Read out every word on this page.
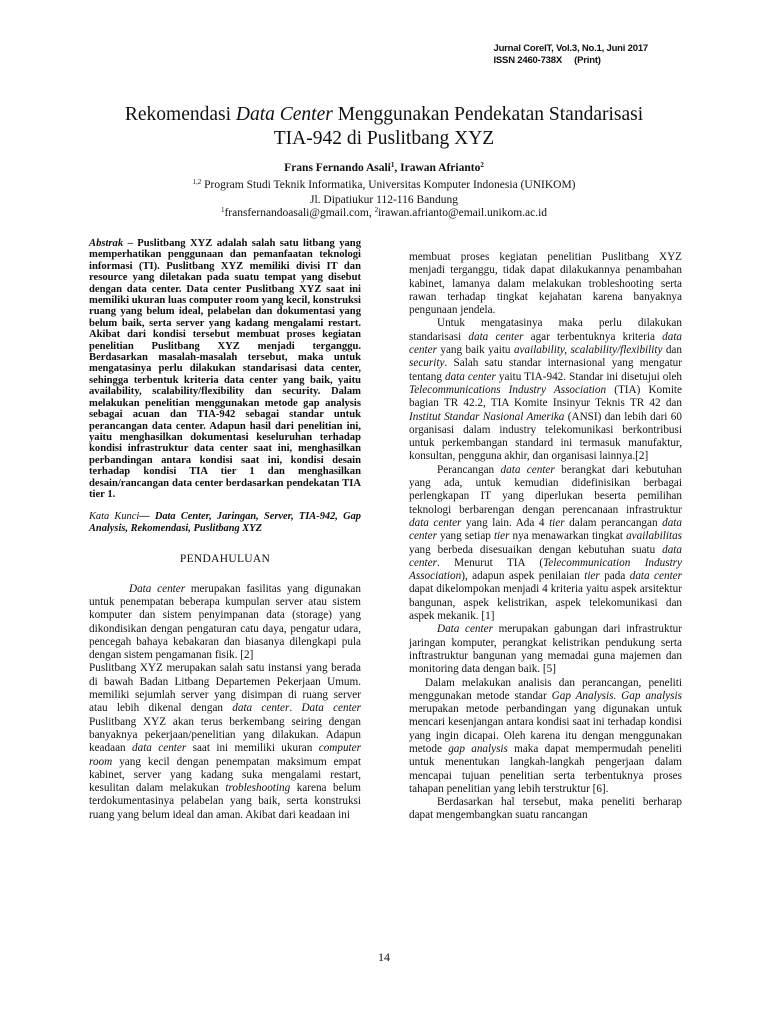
Jurnal CoreIT, Vol.3, No.1, Juni 2017
ISSN 2460-738X     (Print)
Rekomendasi Data Center Menggunakan Pendekatan Standarisasi
TIA-942 di Puslitbang XYZ
Frans Fernando Asali$^1$, Irawan Afrianto$^2$
$^{1,2}$ Program Studi Teknik Informatika, Universitas Komputer Indonesia (UNIKOM)
Jl. Dipatiukur 112-116 Bandung
$^1$fransfernandoasali@gmail.com, $^2$irawan.afrianto@email.unikom.ac.id

Abstrak – Puslitbang XYZ adalah salah satu litbang yang memperhatikan penggunaan dan pemanfaatan teknologi informasi (TI). Puslitbang XYZ memiliki divisi IT dan resource yang diletakan pada suatu tempat yang disebut dengan data center. Data center Puslitbang XYZ saat ini memiliki ukuran luas computer room yang kecil, konstruksi ruang yang belum ideal, pelabelan dan dokumentasi yang belum baik, serta server yang kadang mengalami restart. Akibat dari kondisi tersebut membuat proses kegiatan penelitian Puslitbang XYZ menjadi terganggu. Berdasarkan masalah-masalah tersebut, maka untuk mengatasinya perlu dilakukan standarisasi data center, sehingga terbentuk kriteria data center yang baik, yaitu availability, scalability/flexibility dan security. Dalam melakukan penelitian menggunakan metode gap analysis sebagai acuan dan TIA-942 sebagai standar untuk perancangan data center. Adapun hasil dari penelitian ini, yaitu menghasilkan dokumentasi keseluruhan terhadap kondisi infrastruktur data center saat ini, menghasilkan perbandingan antara kondisi saat ini, kondisi desain terhadap kondisi TIA tier 1 dan menghasilkan desain/rancangan data center berdasarkan pendekatan TIA tier 1.

Kata Kunci— Data Center, Jaringan, Server, TIA-942, Gap Analysis, Rekomendasi, Puslitbang XYZ

PENDAHULUAN

Data center merupakan fasilitas yang digunakan untuk penempatan beberapa kumpulan server atau sistem komputer dan sistem penyimpanan data (storage) yang dikondisikan dengan pengaturan catu daya, pengatur udara, pencegah bahaya kebakaran dan biasanya dilengkapi pula dengan sistem pengamanan fisik. [2]

Puslitbang XYZ merupakan salah satu instansi yang berada di bawah Badan Litbang Departemen Pekerjaan Umum. memiliki sejumlah server yang disimpan di ruang server atau lebih dikenal dengan data center. Data center Puslitbang XYZ akan terus berkembang seiring dengan banyaknya pekerjaan/penelitian yang dilakukan. Adapun keadaan data center saat ini memiliki ukuran computer room yang kecil dengan penempatan maksimum empat kabinet, server yang kadang suka mengalami restart, kesulitan dalam melakukan trobleshooting karena belum terdokumentasinya pelabelan yang baik, serta konstruksi ruang yang belum ideal dan aman. Akibat dari keadaan ini

membuat proses kegiatan penelitian Puslitbang XYZ menjadi terganggu, tidak dapat dilakukannya penambahan kabinet, lamanya dalam melakukan trobleshooting serta rawan terhadap tingkat kejahatan karena banyaknya pengunaan jendela.

Untuk mengatasinya maka perlu dilakukan standarisasi data center agar terbentuknya kriteria data center yang baik yaitu availability, scalability/flexibility dan security. Salah satu standar internasional yang mengatur tentang data center yaitu TIA-942. Standar ini disetujui oleh Telecommunications Industry Association (TIA) Komite bagian TR 42.2, TIA Komite Insinyur Teknis TR 42 dan Institut Standar Nasional Amerika (ANSI) dan lebih dari 60 organisasi dalam industry telekomunikasi berkontribusi untuk perkembangan standard ini termasuk manufaktur, konsultan, pengguna akhir, dan organisasi lainnya.[2]

Perancangan data center berangkat dari kebutuhan yang ada, untuk kemudian didefinisikan berbagai perlengkapan IT yang diperlukan beserta pemilihan teknologi berbarengan dengan perencanaan infrastruktur data center yang lain. Ada 4 tier dalam perancangan data center yang setiap tier nya menawarkan tingkat availabilitas yang berbeda disesuaikan dengan kebutuhan suatu data center. Menurut TIA (Telecommunication Industry Association), adapun aspek penilaian tier pada data center dapat dikelompokan menjadi 4 kriteria yaitu aspek arsitektur bangunan, aspek kelistrikan, aspek telekomunikasi dan aspek mekanik. [1]

Data center merupakan gabungan dari infrastruktur jaringan komputer, perangkat kelistrikan pendukung serta inftrastruktur bangunan yang memadai guna majemen dan monitoring data dengan baik. [5]

Dalam melakukan analisis dan perancangan, peneliti menggunakan metode standar Gap Analysis. Gap analysis merupakan metode perbandingan yang digunakan untuk mencari kesenjangan antara kondisi saat ini terhadap kondisi yang ingin dicapai. Oleh karena itu dengan menggunakan metode gap analysis maka dapat mempermudah peneliti untuk menentukan langkah-langkah pengerjaan dalam mencapai tujuan penelitian serta terbentuknya proses tahapan penelitian yang lebih terstruktur [6].

Berdasarkan hal tersebut, maka peneliti berharap dapat mengembangkan suatu rancangan

14
